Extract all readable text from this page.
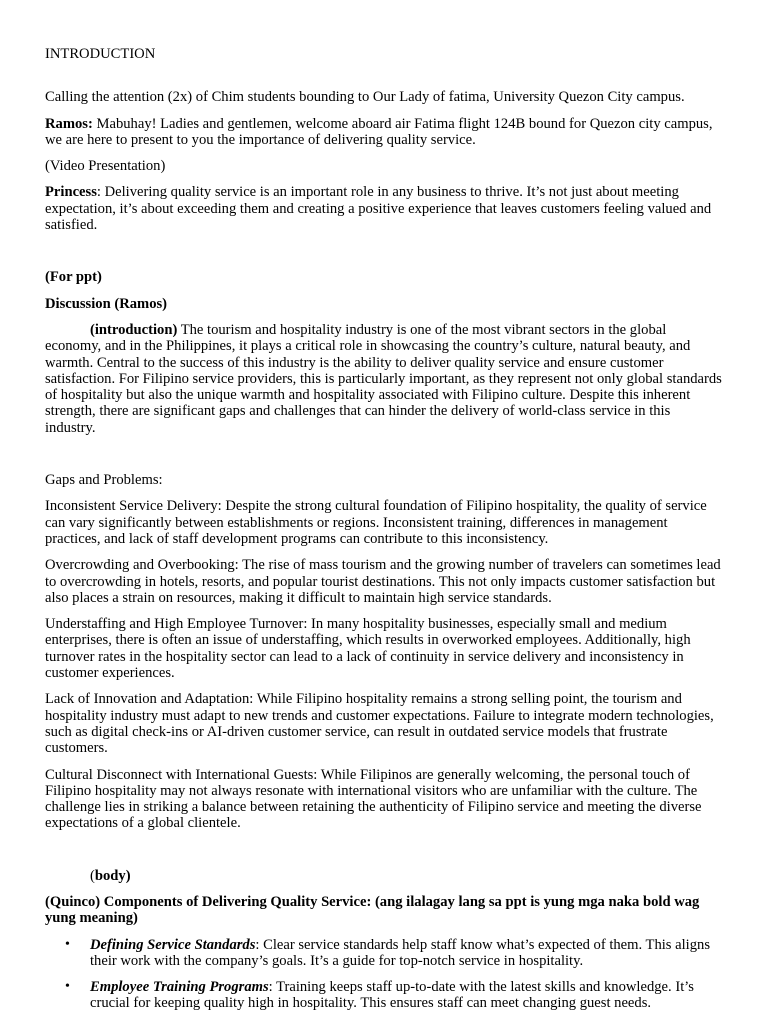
INTRODUCTION

Calling the attention (2x) of Chim students bounding to Our Lady of fatima, University Quezon City campus.

Ramos: Mabuhay! Ladies and gentlemen, welcome aboard air Fatima flight 124B bound for Quezon city campus, we are here to present to you the importance of delivering quality service.

(Video Presentation)

Princess: Delivering quality service is an important role in any business to thrive. It’s not just about meeting expectation, it’s about exceeding them and creating a positive experience that leaves customers feeling valued and satisfied.

(For ppt)

Discussion (Ramos)

(introduction) The tourism and hospitality industry is one of the most vibrant sectors in the global economy, and in the Philippines, it plays a critical role in showcasing the country’s culture, natural beauty, and warmth. Central to the success of this industry is the ability to deliver quality service and ensure customer satisfaction. For Filipino service providers, this is particularly important, as they represent not only global standards of hospitality but also the unique warmth and hospitality associated with Filipino culture. Despite this inherent strength, there are significant gaps and challenges that can hinder the delivery of world-class service in this industry.

Gaps and Problems:

Inconsistent Service Delivery: Despite the strong cultural foundation of Filipino hospitality, the quality of service can vary significantly between establishments or regions. Inconsistent training, differences in management practices, and lack of staff development programs can contribute to this inconsistency.

Overcrowding and Overbooking: The rise of mass tourism and the growing number of travelers can sometimes lead to overcrowding in hotels, resorts, and popular tourist destinations. This not only impacts customer satisfaction but also places a strain on resources, making it difficult to maintain high service standards.

Understaffing and High Employee Turnover: In many hospitality businesses, especially small and medium enterprises, there is often an issue of understaffing, which results in overworked employees. Additionally, high turnover rates in the hospitality sector can lead to a lack of continuity in service delivery and inconsistency in customer experiences.

Lack of Innovation and Adaptation: While Filipino hospitality remains a strong selling point, the tourism and hospitality industry must adapt to new trends and customer expectations. Failure to integrate modern technologies, such as digital check-ins or AI-driven customer service, can result in outdated service models that frustrate customers.

Cultural Disconnect with International Guests: While Filipinos are generally welcoming, the personal touch of Filipino hospitality may not always resonate with international visitors who are unfamiliar with the culture. The challenge lies in striking a balance between retaining the authenticity of Filipino service and meeting the diverse expectations of a global clientele.

(body)

(Quinco) Components of Delivering Quality Service: (ang ilalagay lang sa ppt is yung mga naka bold wag yung meaning)

• Defining Service Standards: Clear service standards help staff know what’s expected of them. This aligns their work with the company’s goals. It’s a guide for top-notch service in hospitality.
• Employee Training Programs: Training keeps staff up-to-date with the latest skills and knowledge. It’s crucial for keeping quality high in hospitality. This ensures staff can meet changing guest needs.
